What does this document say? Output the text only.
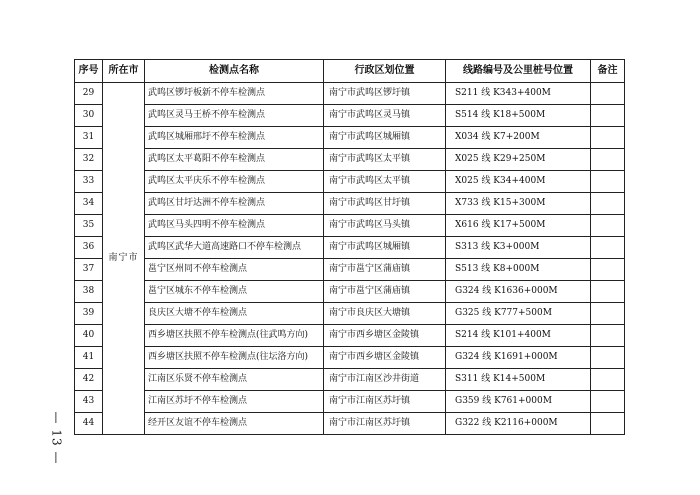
— 13 —
序号	所在市	检测点名称	行政区划位置	线路编号及公里桩号位置	备注
29	南宁市	武鸣区锣圩板新不停车检测点	南宁市武鸣区锣圩镇	S211 线 K343+400M	
30		武鸣区灵马王桥不停车检测点	南宁市武鸣区灵马镇	S514 线 K18+500M	
31		武鸣区城厢邢圩不停车检测点	南宁市武鸣区城厢镇	X034 线 K7+200M	
32		武鸣区太平葛阳不停车检测点	南宁市武鸣区太平镇	X025 线 K29+250M	
33		武鸣区太平庆乐不停车检测点	南宁市武鸣区太平镇	X025 线 K34+400M	
34		武鸣区甘圩达洲不停车检测点	南宁市武鸣区甘圩镇	X733 线 K15+300M	
35		武鸣区马头四明不停车检测点	南宁市武鸣区马头镇	X616 线 K17+500M	
36		武鸣区武华大道高速路口不停车检测点	南宁市武鸣区城厢镇	S313 线 K3+000M	
37		邕宁区州同不停车检测点	南宁市邕宁区蒲庙镇	S513 线 K8+000M	
38		邕宁区城东不停车检测点	南宁市邕宁区蒲庙镇	G324 线 K1636+000M	
39		良庆区大塘不停车检测点	南宁市良庆区大塘镇	G325 线 K777+500M	
40		西乡塘区扶照不停车检测点(往武鸣方向)	南宁市西乡塘区金陵镇	S214 线 K101+400M	
41		西乡塘区扶照不停车检测点(往坛洛方向)	南宁市西乡塘区金陵镇	G324 线 K1691+000M	
42		江南区乐贤不停车检测点	南宁市江南区沙井街道	S311 线 K14+500M	
43		江南区苏圩不停车检测点	南宁市江南区苏圩镇	G359 线 K761+000M	
44		经开区友谊不停车检测点	南宁市江南区苏圩镇	G322 线 K2116+000M	
